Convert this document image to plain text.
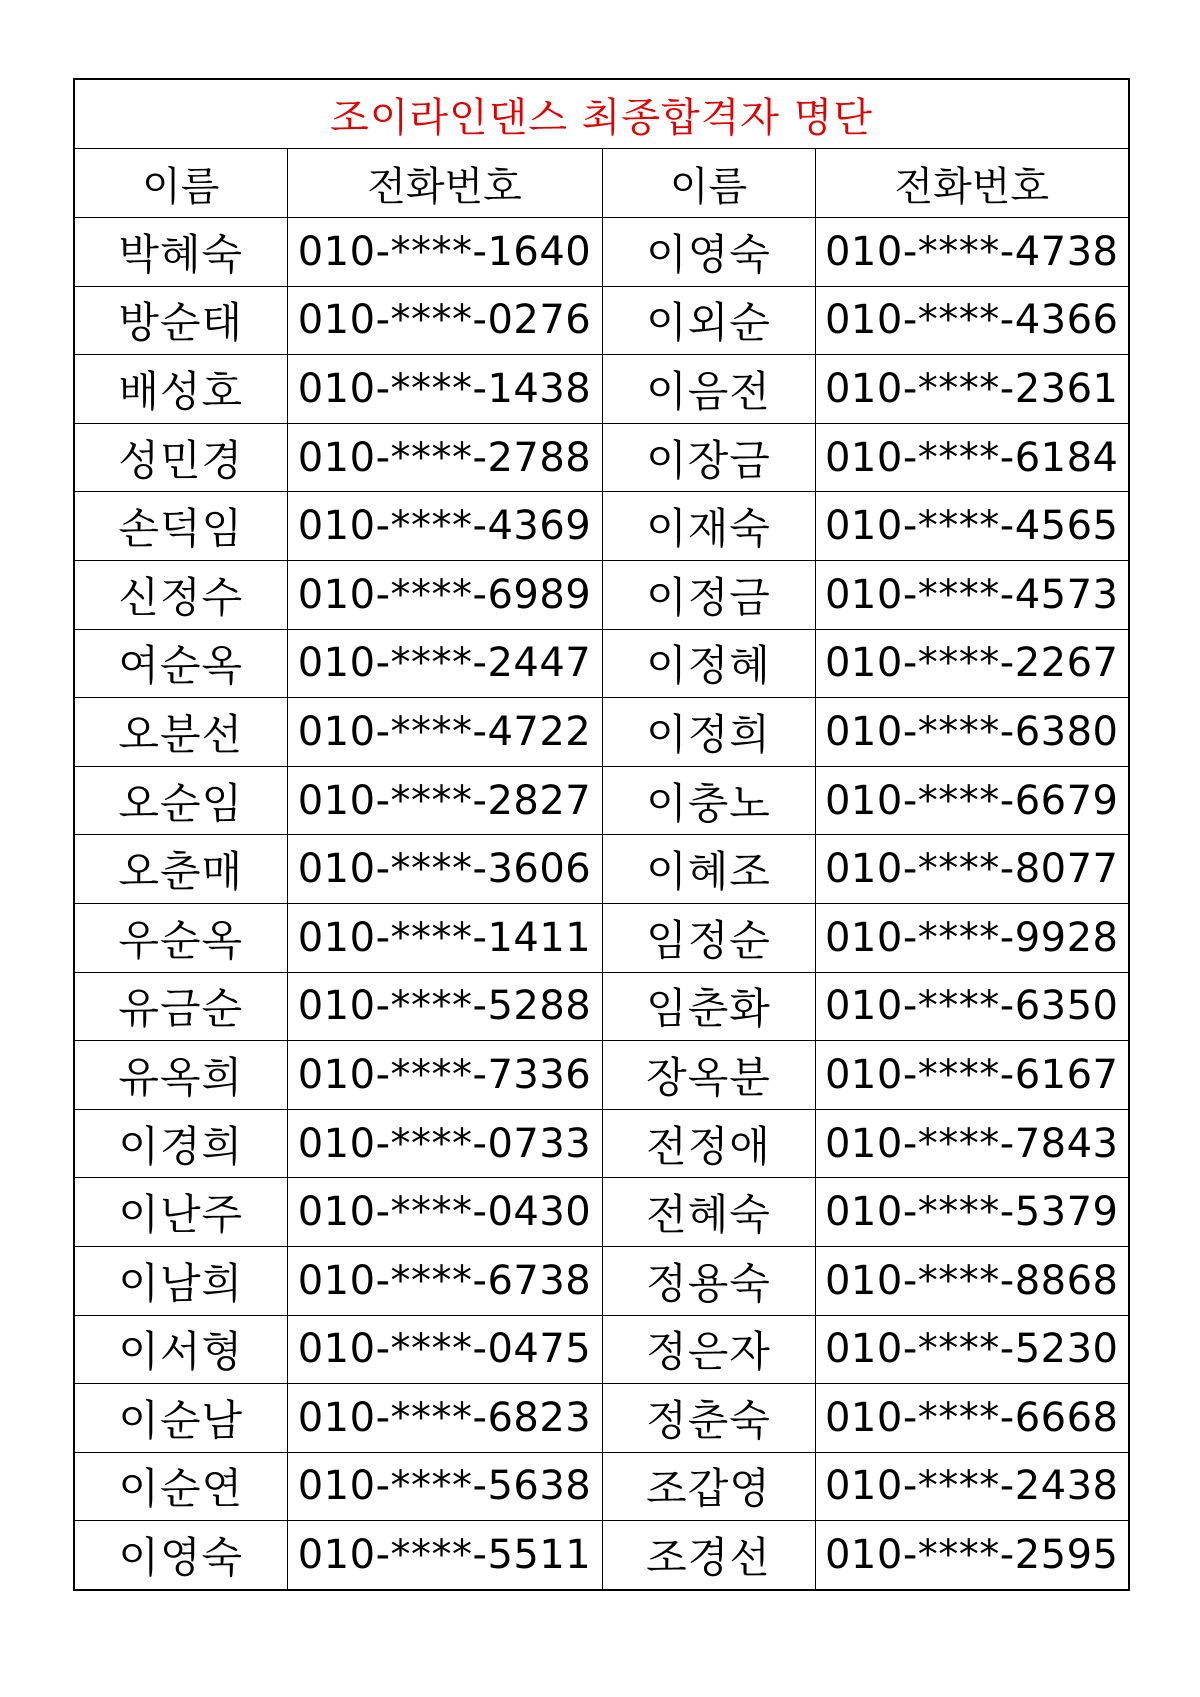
조이라인댄스 최종합격자 명단			
이름	전화번호	이름	전화번호
박혜숙	010-****-1640	이영숙	010-****-4738
방순태	010-****-0276	이외순	010-****-4366
배성호	010-****-1438	이음전	010-****-2361
성민경	010-****-2788	이장금	010-****-6184
손덕임	010-****-4369	이재숙	010-****-4565
신정수	010-****-6989	이정금	010-****-4573
여순옥	010-****-2447	이정혜	010-****-2267
오분선	010-****-4722	이정희	010-****-6380
오순임	010-****-2827	이충노	010-****-6679
오춘매	010-****-3606	이혜조	010-****-8077
우순옥	010-****-1411	임정순	010-****-9928
유금순	010-****-5288	임춘화	010-****-6350
유옥희	010-****-7336	장옥분	010-****-6167
이경희	010-****-0733	전정애	010-****-7843
이난주	010-****-0430	전혜숙	010-****-5379
이남희	010-****-6738	정용숙	010-****-8868
이서형	010-****-0475	정은자	010-****-5230
이순남	010-****-6823	정춘숙	010-****-6668
이순연	010-****-5638	조갑영	010-****-2438
이영숙	010-****-5511	조경선	010-****-2595
